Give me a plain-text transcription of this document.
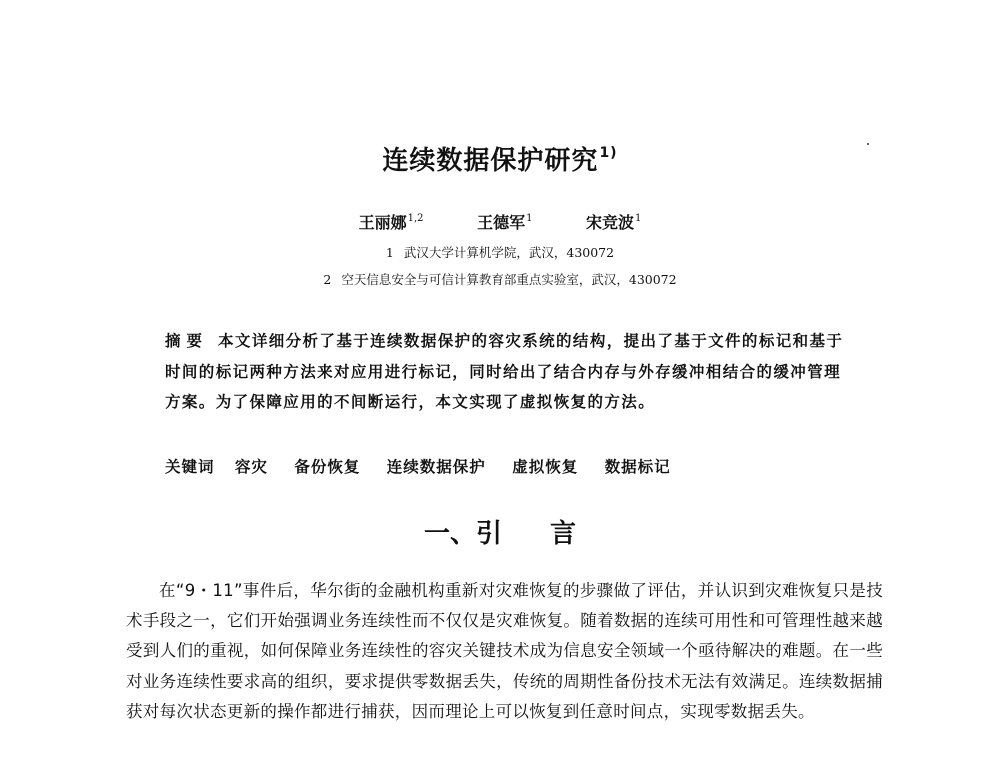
连续数据保护研究$^{1)}$
王丽娜$^{1,2}$	王德军$^1$	宋竞波$^1$
1 武汉大学计算机学院，武汉，430072
2 空天信息安全与可信计算教育部重点实验室，武汉，430072
摘要 本文详细分析了基于连续数据保护的容灾系统的结构，提出了基于文件的标记和基于时间的标记两种方法来对应用进行标记，同时给出了结合内存与外存缓冲相结合的缓冲管理方案。为了保障应用的不间断运行，本文实现了虚拟恢复的方法。
关键词 容灾 备份恢复 连续数据保护 虚拟恢复 数据标记
一、引 言
在“9・11”事件后，华尔街的金融机构重新对灾难恢复的步骤做了评估，并认识到灾难恢复只是技术手段之一，它们开始强调业务连续性而不仅仅是灾难恢复。随着数据的连续可用性和可管理性越来越受到人们的重视，如何保障业务连续性的容灾关键技术成为信息安全领域一个亟待解决的难题。在一些对业务连续性要求高的组织，要求提供零数据丢失，传统的周期性备份技术无法有效满足。连续数据捕获对每次状态更新的操作都进行捕获，因而理论上可以恢复到任意时间点，实现零数据丢失。
